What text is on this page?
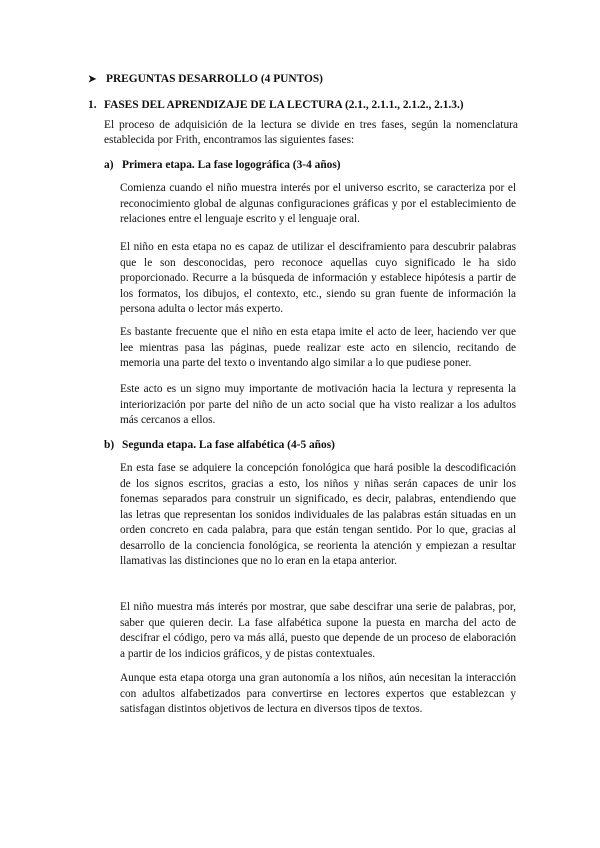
➤ PREGUNTAS DESARROLLO (4 PUNTOS)
1. FASES DEL APRENDIZAJE DE LA LECTURA (2.1., 2.1.1., 2.1.2., 2.1.3.)

El proceso de adquisición de la lectura se divide en tres fases, según la nomenclatura establecida por Frith, encontramos las siguientes fases:

a) Primera etapa. La fase logográfica (3-4 años)

Comienza cuando el niño muestra interés por el universo escrito, se caracteriza por el reconocimiento global de algunas configuraciones gráficas y por el establecimiento de relaciones entre el lenguaje escrito y el lenguaje oral.

El niño en esta etapa no es capaz de utilizar el desciframiento para descubrir palabras que le son desconocidas, pero reconoce aquellas cuyo significado le ha sido proporcionado. Recurre a la búsqueda de información y establece hipótesis a partir de los formatos, los dibujos, el contexto, etc., siendo su gran fuente de información la persona adulta o lector más experto.

Es bastante frecuente que el niño en esta etapa imite el acto de leer, haciendo ver que lee mientras pasa las páginas, puede realizar este acto en silencio, recitando de memoria una parte del texto o inventando algo similar a lo que pudiese poner.

Este acto es un signo muy importante de motivación hacia la lectura y representa la interiorización por parte del niño de un acto social que ha visto realizar a los adultos más cercanos a ellos.

b) Segunda etapa. La fase alfabética (4-5 años)

En esta fase se adquiere la concepción fonológica que hará posible la descodificación de los signos escritos, gracias a esto, los niños y niñas serán capaces de unir los fonemas separados para construir un significado, es decir, palabras, entendiendo que las letras que representan los sonidos individuales de las palabras están situadas en un orden concreto en cada palabra, para que están tengan sentido. Por lo que, gracias al desarrollo de la conciencia fonológica, se reorienta la atención y empiezan a resultar llamativas las distinciones que no lo eran en la etapa anterior.

El niño muestra más interés por mostrar, que sabe descifrar una serie de palabras, por, saber que quieren decir. La fase alfabética supone la puesta en marcha del acto de descifrar el código, pero va más allá, puesto que depende de un proceso de elaboración a partir de los indicios gráficos, y de pistas contextuales.

Aunque esta etapa otorga una gran autonomía a los niños, aún necesitan la interacción con adultos alfabetizados para convertirse en lectores expertos que establezcan y satisfagan distintos objetivos de lectura en diversos tipos de textos.
